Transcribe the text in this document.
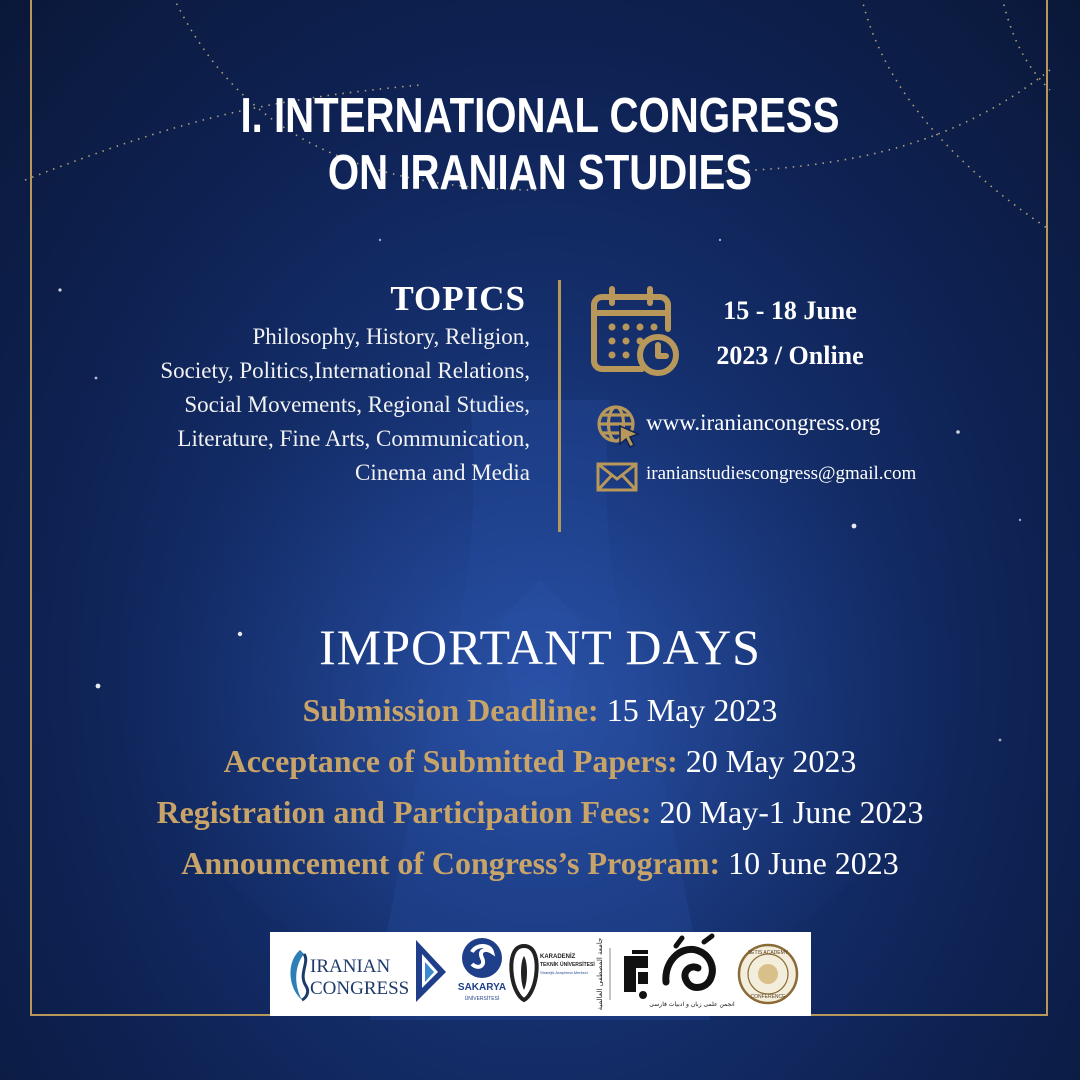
I. INTERNATIONAL CONGRESS
ON IRANIAN STUDIES
TOPICS
Philosophy, History, Religion,
Society, Politics,International Relations,
Social Movements, Regional Studies,
Literature, Fine Arts, Communication,
Cinema and Media
15 - 18 June
2023 / Online
www.iraniancongress.org
iranianstudiescongress@gmail.com
IMPORTANT DAYS
Submission Deadline: 15 May 2023
Acceptance of Submitted Papers: 20 May 2023
Registration and Participation Fees: 20 May-1 June 2023
Announcement of Congress’s Program: 10 June 2023
IRANIAN
CONGRESS	SAKARYA
ÜNİVERSİTESİ
KARADENİZ
TEKNİK ÜNİVERSİTESİ
Stratejik Araştırma Merkezi جامعة المصطفى العالمية	انجمن علمی زبان و ادبیات فارسی
SETIS ACADEMY
CONFERENCE
